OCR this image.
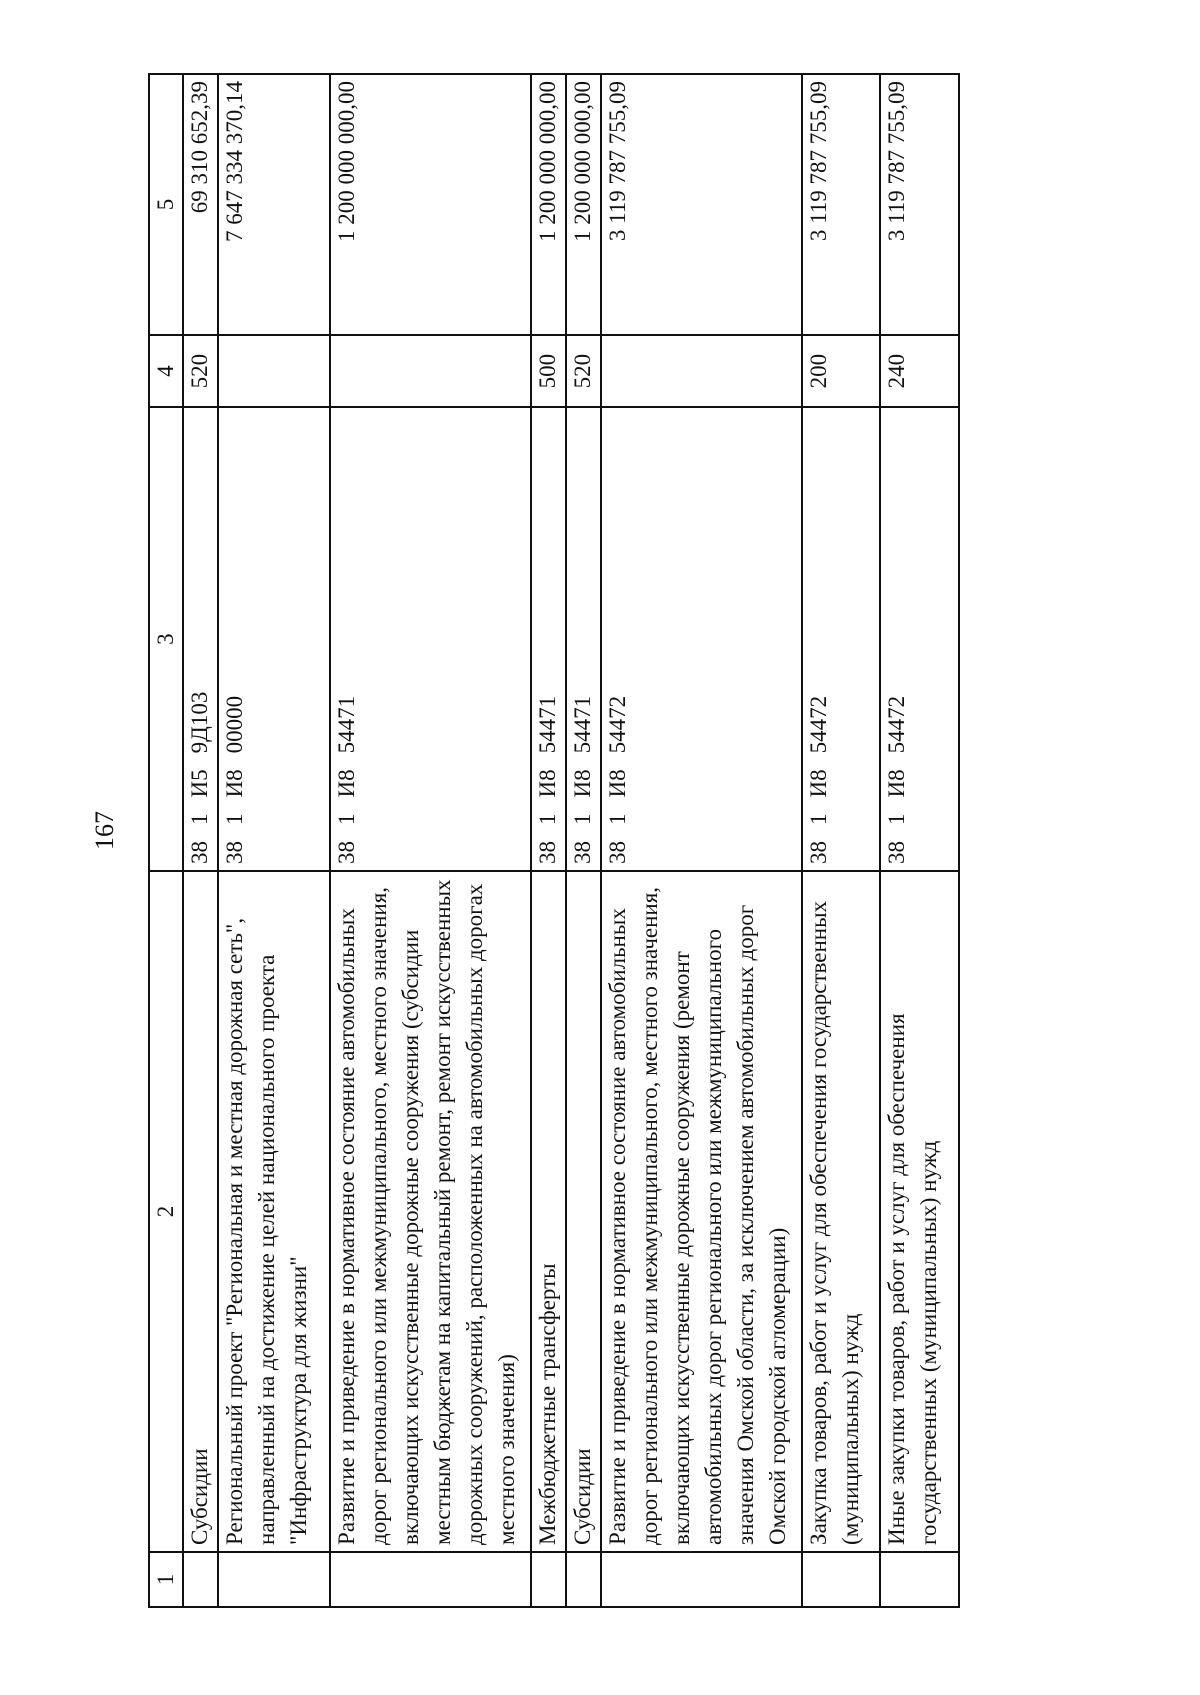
167
1	2	3	4	5
	Субсидии	381И59Д103	520	69 310 652,39
	Региональный проект "Региональная и местная дорожная сеть", направленный на достижение целей национального проекта "Инфраструктура для жизни"	381И800000		7 647 334 370,14
	Развитие и приведение в нормативное состояние автомобильных дорог регионального или межмуниципального, местного значения, включающих искусственные дорожные сооружения (субсидии местным бюджетам на капитальный ремонт, ремонт искусственных дорожных сооружений, расположенных на автомобильных дорогах местного значения)	381И854471		1 200 000 000,00
	Межбюджетные трансферты	381И854471	500	1 200 000 000,00
	Субсидии	381И854471	520	1 200 000 000,00
	Развитие и приведение в нормативное состояние автомобильных дорог регионального или межмуниципального, местного значения, включающих искусственные дорожные сооружения (ремонт автомобильных дорог регионального или межмуниципального значения Омской области, за исключением автомобильных дорог Омской городской агломерации)	381И854472		3 119 787 755,09
	Закупка товаров, работ и услуг для обеспечения государственных (муниципальных) нужд	381И854472	200	3 119 787 755,09
	Иные закупки товаров, работ и услуг для обеспечения государственных (муниципальных) нужд	381И854472	240	3 119 787 755,09
